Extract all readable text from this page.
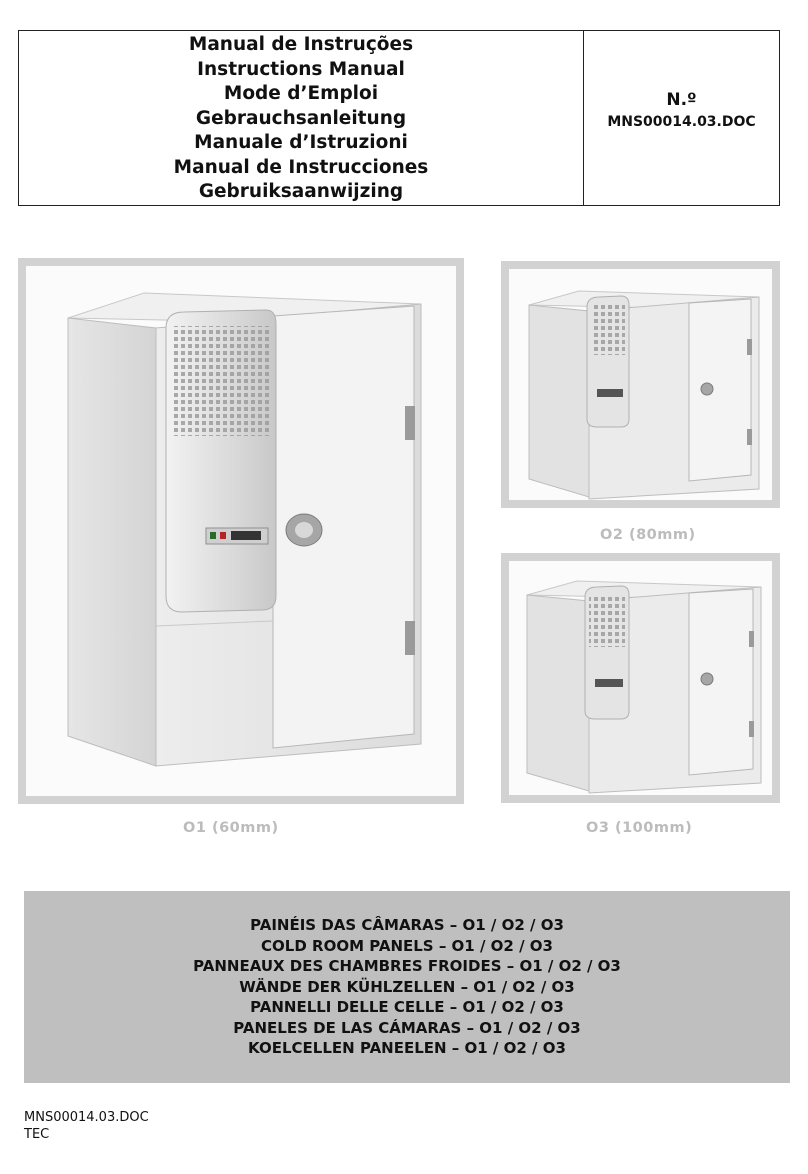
Manual de Instruções
Instructions Manual
Mode d’Emploi
Gebrauchsanleitung
Manuale d’Istruzioni
Manual de Instrucciones
Gebruiksaanwijzing
N.º
MNS00014.03.DOC
O2 (80mm)
O1 (60mm)	O3 (100mm)
PAINÉIS DAS CÂMARAS – O1 / O2 / O3
COLD ROOM PANELS – O1 / O2 / O3
PANNEAUX DES CHAMBRES FROIDES – O1 / O2 / O3
WÄNDE DER KÜHLZELLEN – O1 / O2 / O3
PANNELLI DELLE CELLE – O1 / O2 / O3
PANELES DE LAS CÁMARAS – O1 / O2 / O3
KOELCELLEN PANEELEN – O1 / O2 / O3
MNS00014.03.DOC
TEC
